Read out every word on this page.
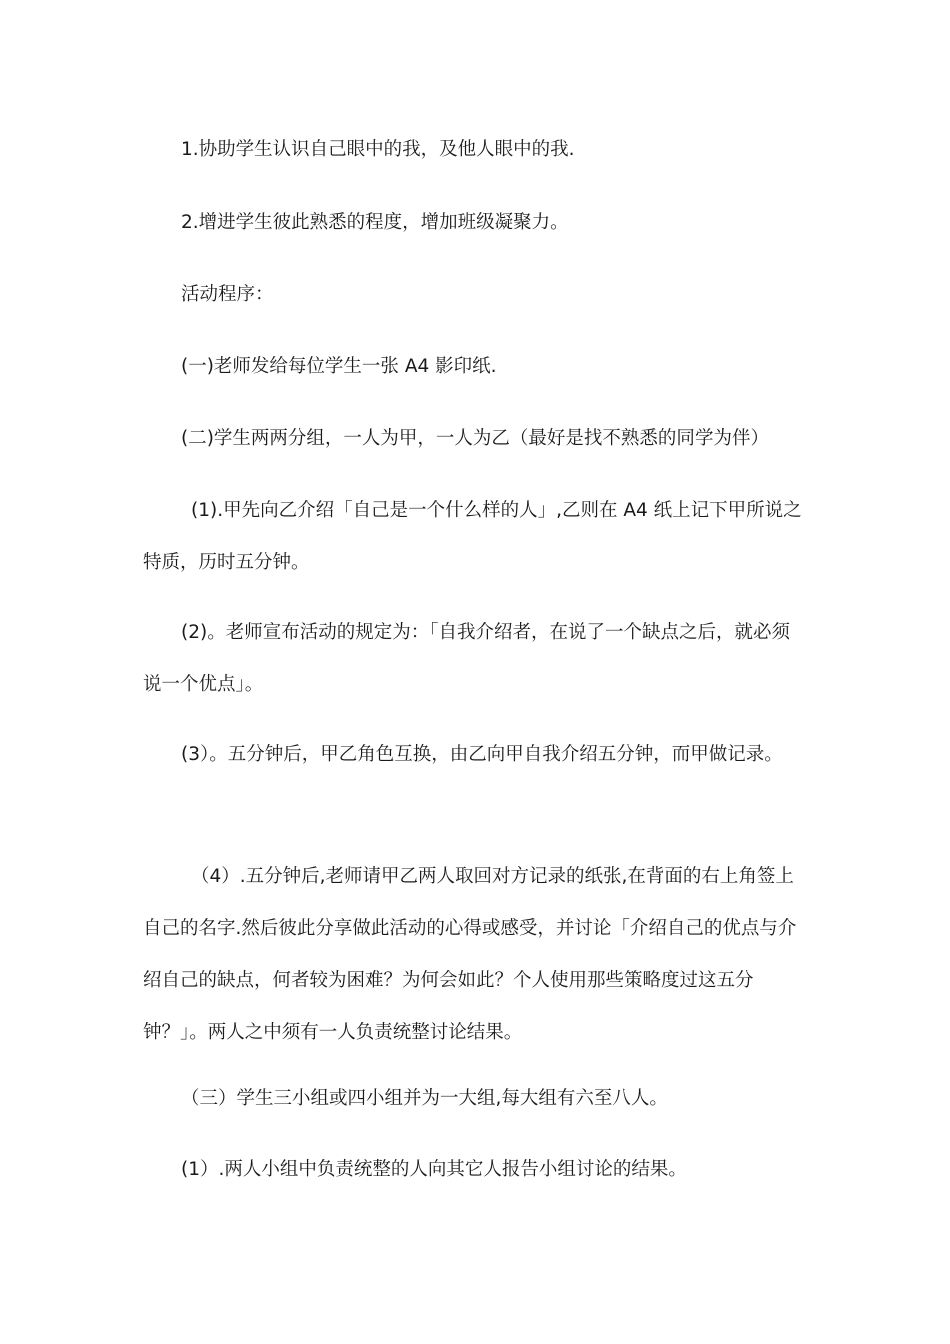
1.协助学生认识自己眼中的我，及他人眼中的我.

2.增进学生彼此熟悉的程度，增加班级凝聚力。

活动程序：

(一)老师发给每位学生一张 A4 影印纸.

(二)学生两两分组，一人为甲，一人为乙（最好是找不熟悉的同学为伴）

(1).甲先向乙介绍「自己是一个什么样的人」,乙则在 A4 纸上记下甲所说之特质，历时五分钟。

(2)。老师宣布活动的规定为：「自我介绍者，在说了一个缺点之后，就必须说一个优点」。

(3）。五分钟后，甲乙角色互换，由乙向甲自我介绍五分钟，而甲做记录。

（4）.五分钟后,老师请甲乙两人取回对方记录的纸张,在背面的右上角签上自己的名字.然后彼此分享做此活动的心得或感受，并讨论「介绍自己的优点与介绍自己的缺点，何者较为困难？为何会如此？个人使用那些策略度过这五分钟？」。两人之中须有一人负责统整讨论结果。

（三）学生三小组或四小组并为一大组,每大组有六至八人。

(1）.两人小组中负责统整的人向其它人报告小组讨论的结果。
